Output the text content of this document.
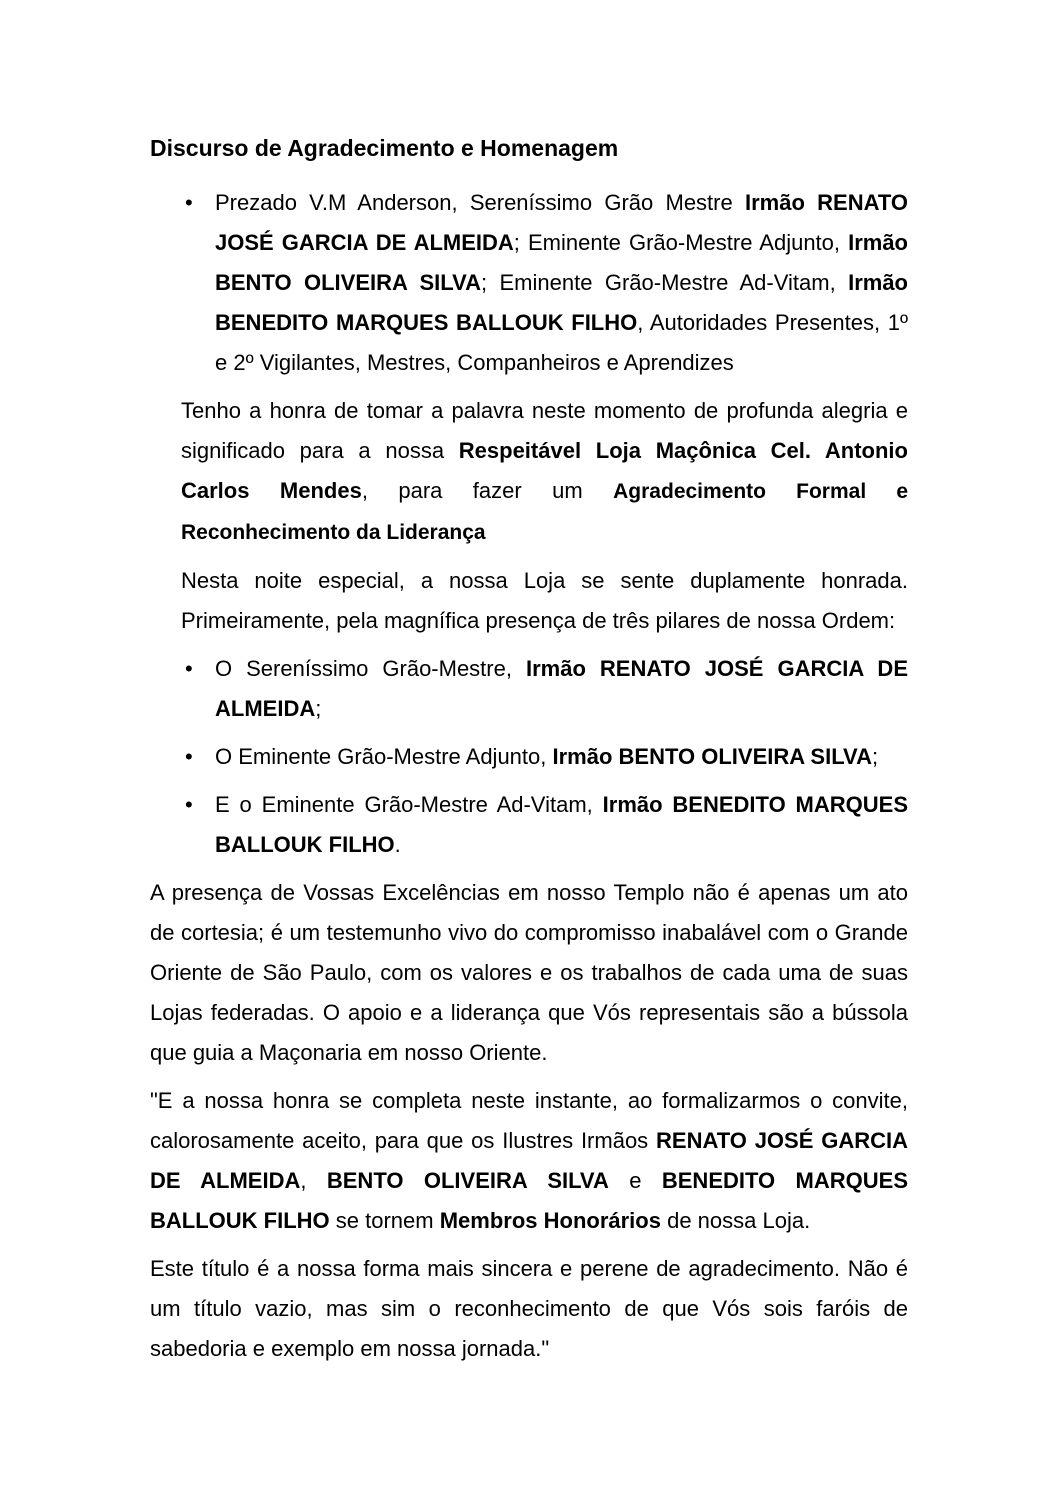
Discurso de Agradecimento e Homenagem
• Prezado V.M Anderson, Sereníssimo Grão Mestre Irmão RENATO JOSÉ GARCIA DE ALMEIDA; Eminente Grão-Mestre Adjunto, Irmão BENTO OLIVEIRA SILVA; Eminente Grão-Mestre Ad-Vitam, Irmão BENEDITO MARQUES BALLOUK FILHO, Autoridades Presentes, 1º e 2º Vigilantes, Mestres, Companheiros e Aprendizes
Tenho a honra de tomar a palavra neste momento de profunda alegria e significado para a nossa Respeitável Loja Maçônica Cel. Antonio Carlos Mendes, para fazer um Agradecimento Formal e Reconhecimento da Liderança
Nesta noite especial, a nossa Loja se sente duplamente honrada. Primeiramente, pela magnífica presença de três pilares de nossa Ordem:
• O Sereníssimo Grão-Mestre, Irmão RENATO JOSÉ GARCIA DE ALMEIDA;
• O Eminente Grão-Mestre Adjunto, Irmão BENTO OLIVEIRA SILVA;
• E o Eminente Grão-Mestre Ad-Vitam, Irmão BENEDITO MARQUES BALLOUK FILHO.
A presença de Vossas Excelências em nosso Templo não é apenas um ato de cortesia; é um testemunho vivo do compromisso inabalável com o Grande Oriente de São Paulo, com os valores e os trabalhos de cada uma de suas Lojas federadas. O apoio e a liderança que Vós representais são a bússola que guia a Maçonaria em nosso Oriente.
"E a nossa honra se completa neste instante, ao formalizarmos o convite, calorosamente aceito, para que os Ilustres Irmãos RENATO JOSÉ GARCIA DE ALMEIDA, BENTO OLIVEIRA SILVA e BENEDITO MARQUES BALLOUK FILHO se tornem Membros Honorários de nossa Loja.
Este título é a nossa forma mais sincera e perene de agradecimento. Não é um título vazio, mas sim o reconhecimento de que Vós sois faróis de sabedoria e exemplo em nossa jornada."
